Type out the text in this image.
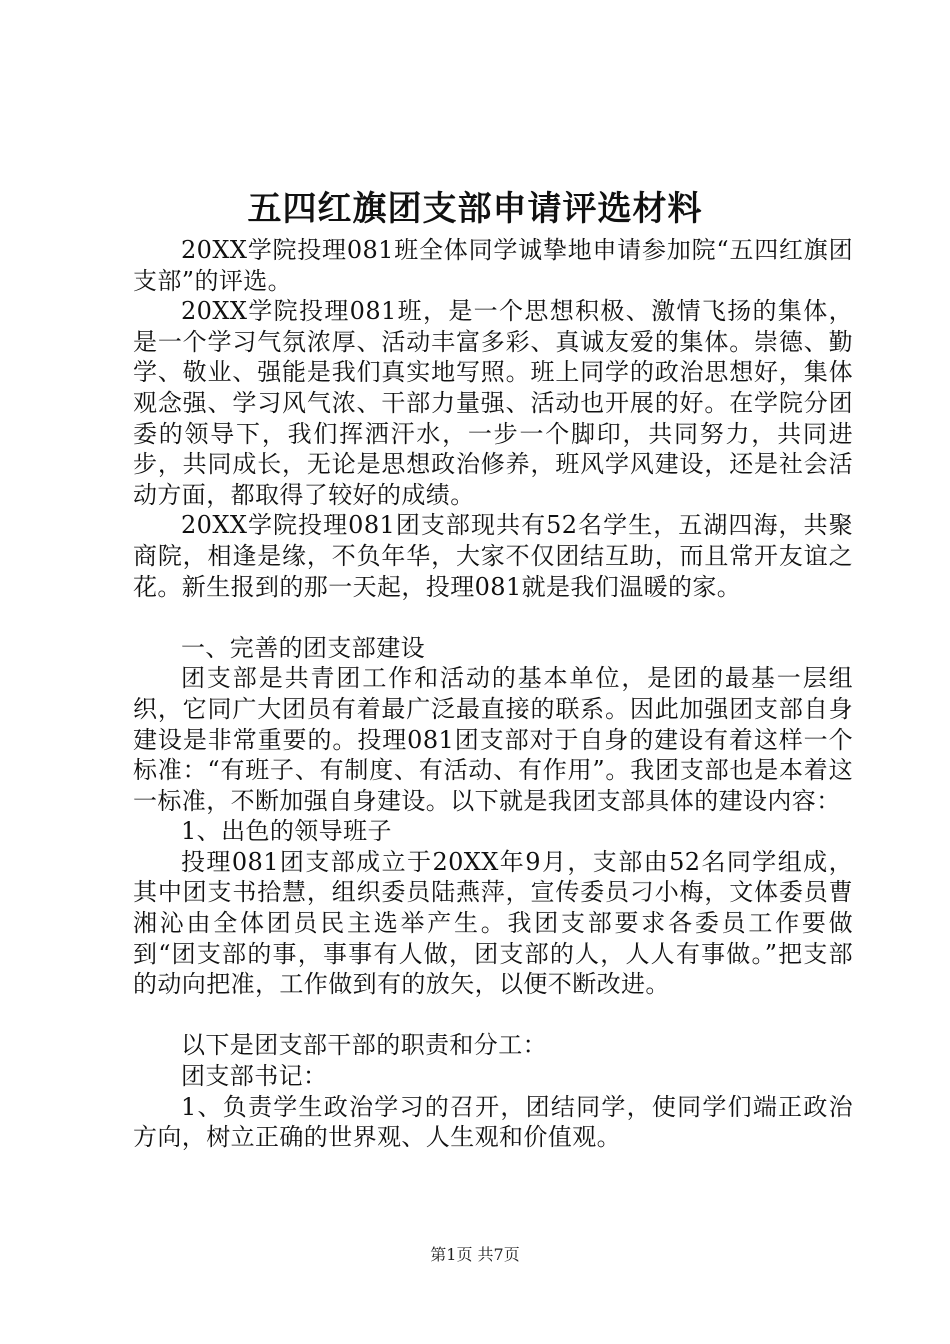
五四红旗团支部申请评选材料

20XX学院投理081班全体同学诚挚地申请参加院“五四红旗团支部”的评选。

20XX学院投理081班，是一个思想积极、激情飞扬的集体，是一个学习气氛浓厚、活动丰富多彩、真诚友爱的集体。崇德、勤学、敬业、强能是我们真实地写照。班上同学的政治思想好，集体观念强、学习风气浓、干部力量强、活动也开展的好。在学院分团委的领导下，我们挥洒汗水，一步一个脚印，共同努力，共同进步，共同成长，无论是思想政治修养，班风学风建设，还是社会活动方面，都取得了较好的成绩。

20XX学院投理081团支部现共有52名学生，五湖四海，共聚商院，相逢是缘，不负年华，大家不仅团结互助，而且常开友谊之花。新生报到的那一天起，投理081就是我们温暖的家。

一、完善的团支部建设

团支部是共青团工作和活动的基本单位，是团的最基一层组织，它同广大团员有着最广泛最直接的联系。因此加强团支部自身建设是非常重要的。投理081团支部对于自身的建设有着这样一个标准：“有班子、有制度、有活动、有作用”。我团支部也是本着这一标准，不断加强自身建设。以下就是我团支部具体的建设内容：

1、出色的领导班子

投理081团支部成立于20XX年9月，支部由52名同学组成，其中团支书拾慧，组织委员陆燕萍，宣传委员刁小梅，文体委员曹湘沁由全体团员民主选举产生。我团支部要求各委员工作要做到“团支部的事，事事有人做，团支部的人，人人有事做。”把支部的动向把准，工作做到有的放矢，以便不断改进。

以下是团支部干部的职责和分工：

团支部书记：

1、负责学生政治学习的召开，团结同学，使同学们端正政治方向，树立正确的世界观、人生观和价值观。

第1页 共7页
